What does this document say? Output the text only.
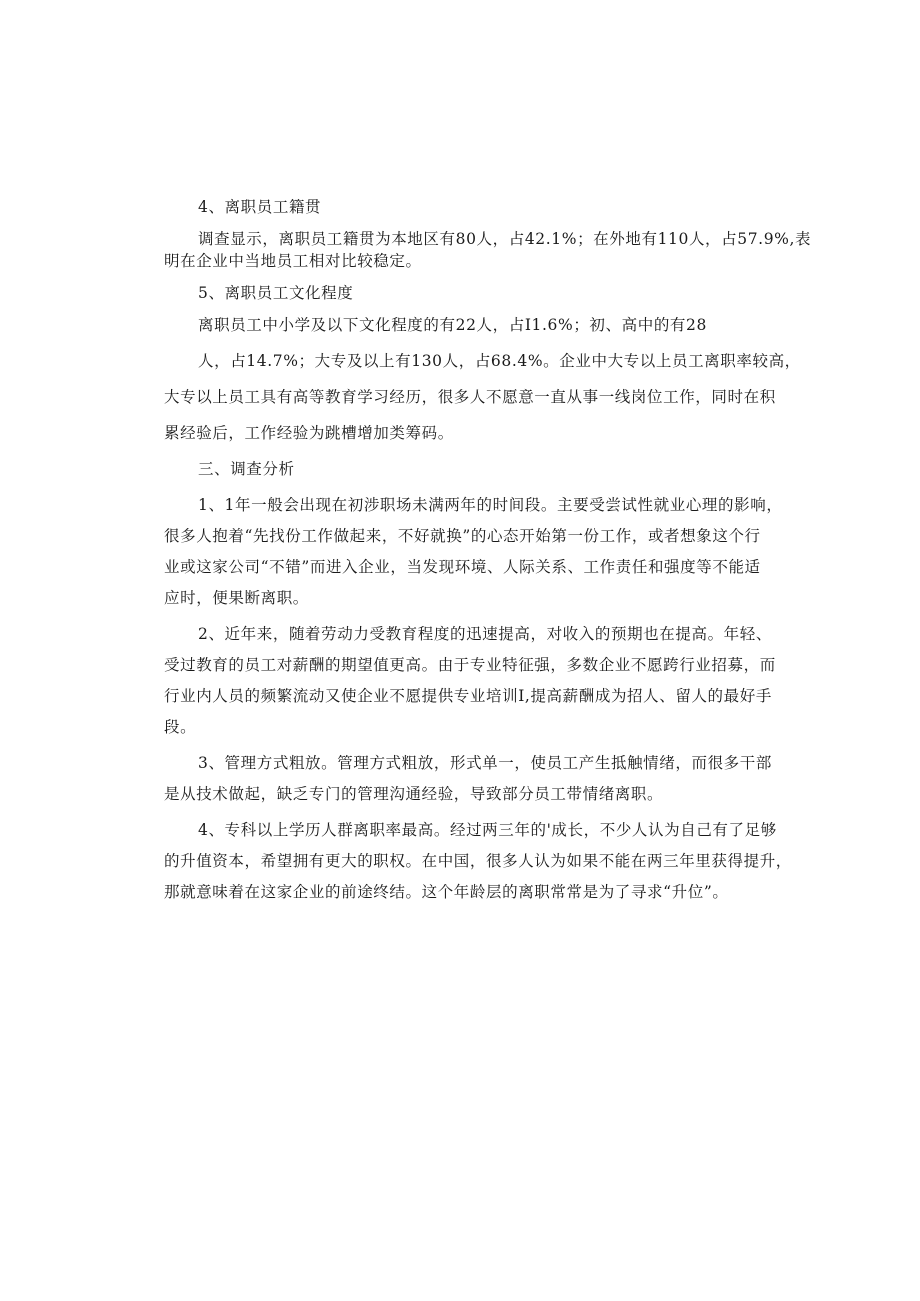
4、离职员工籍贯

调查显示，离职员工籍贯为本地区有80人，占42.1%；在外地有110人，占57.9%,表

明在企业中当地员工相对比较稳定。

5、离职员工文化程度

离职员工中小学及以下文化程度的有22人，占I1.6%；初、高中的有28

人，占14.7%；大专及以上有130人，占68.4%。企业中大专以上员工离职率较高，

大专以上员工具有高等教育学习经历，很多人不愿意一直从事一线岗位工作，同时在积

累经验后，工作经验为跳槽增加类筹码。

三、调查分析

1、1年一般会出现在初涉职场未满两年的时间段。主要受尝试性就业心理的影响，

很多人抱着“先找份工作做起来，不好就换”的心态开始第一份工作，或者想象这个行

业或这家公司“不错”而进入企业，当发现环境、人际关系、工作责任和强度等不能适

应时，便果断离职。

2、近年来，随着劳动力受教育程度的迅速提高，对收入的预期也在提高。年轻、

受过教育的员工对薪酬的期望值更高。由于专业特征强，多数企业不愿跨行业招募，而

行业内人员的频繁流动又使企业不愿提供专业培训I,提高薪酬成为招人、留人的最好手

段。

3、管理方式粗放。管理方式粗放，形式单一，使员工产生抵触情绪，而很多干部

是从技术做起，缺乏专门的管理沟通经验，导致部分员工带情绪离职。

4、专科以上学历人群离职率最高。经过两三年的'成长，不少人认为自己有了足够

的升值资本，希望拥有更大的职权。在中国，很多人认为如果不能在两三年里获得提升，

那就意味着在这家企业的前途终结。这个年龄层的离职常常是为了寻求“升位”。
